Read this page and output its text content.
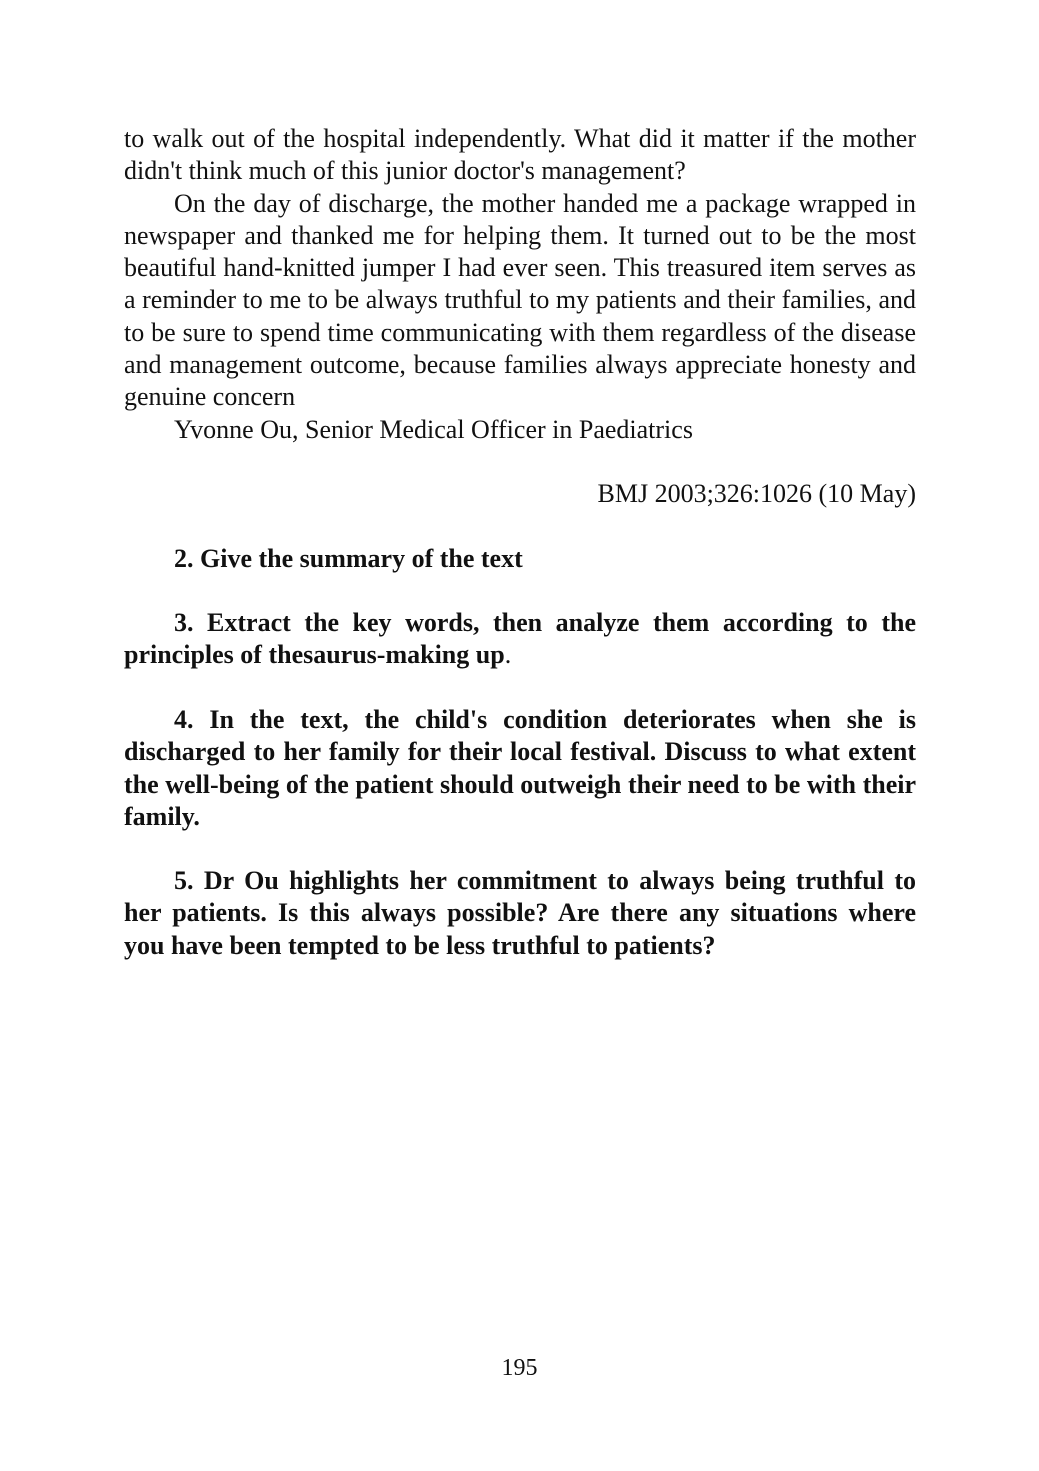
to walk out of the hospital independently. What did it matter if the mother didn't think much of this junior doctor's management?

On the day of discharge, the mother handed me a package wrapped in newspaper and thanked me for helping them. It turned out to be the most beautiful hand-knitted jumper I had ever seen. This treasured item serves as a reminder to me to be always truthful to my patients and their families, and to be sure to spend time communicating with them regardless of the disease and management outcome, because families always appreciate honesty and genuine concern

Yvonne Ou, Senior Medical Officer in Paediatrics

BMJ 2003;326:1026 (10 May)

2. Give the summary of the text

3. Extract the key words, then analyze them according to the principles of thesaurus-making up.

4. In the text, the child's condition deteriorates when she is discharged to her family for their local festival. Discuss to what extent the well-being of the patient should outweigh their need to be with their family.

5. Dr Ou highlights her commitment to always being truthful to her patients. Is this always possible? Are there any situations where you have been tempted to be less truthful to patients?

195
